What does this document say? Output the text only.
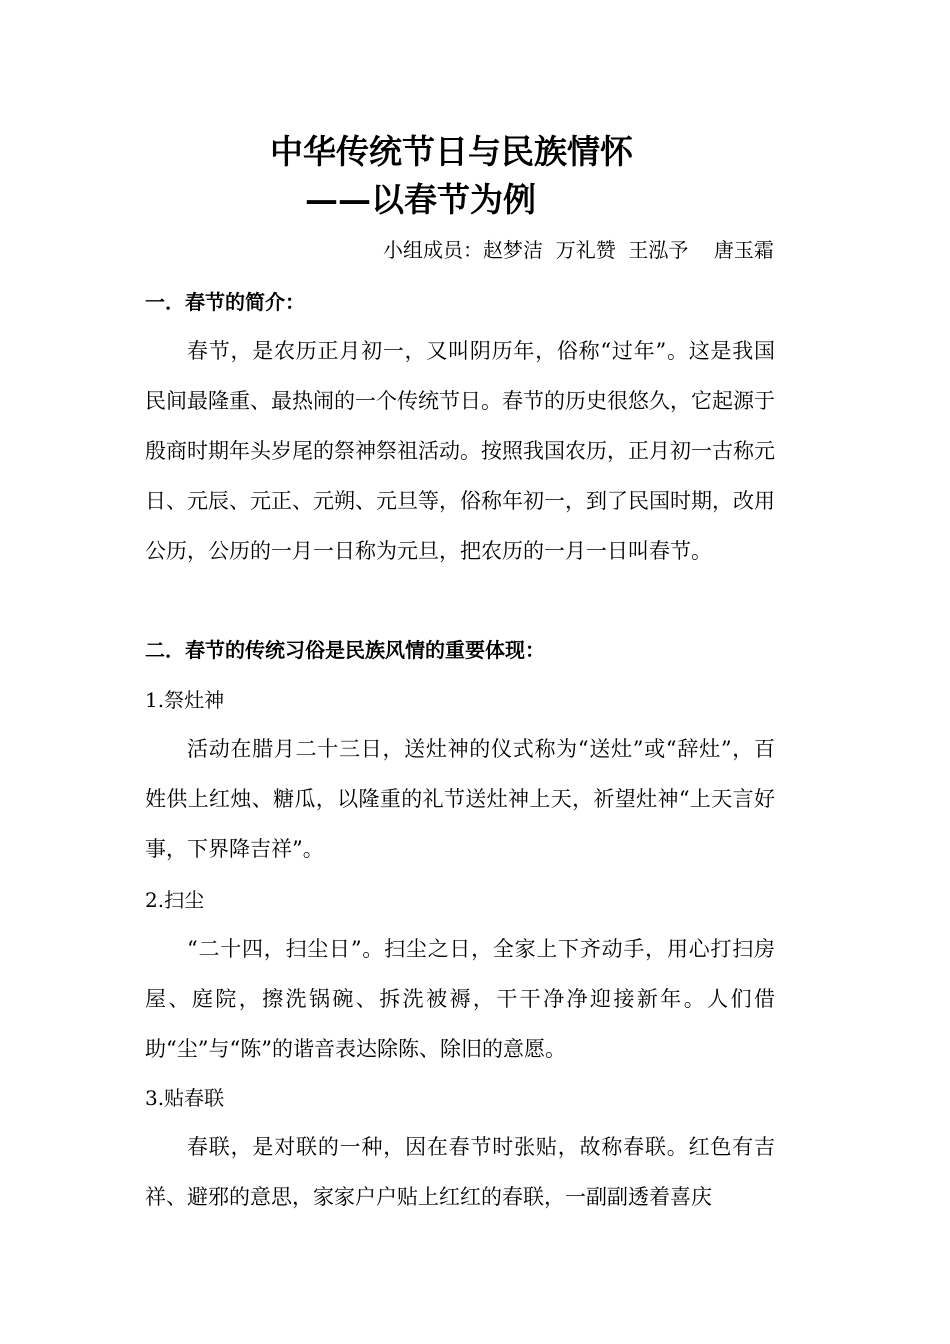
中华传统节日与民族情怀
——以春节为例
小组成员：赵梦洁  万礼赞  王泓予    唐玉霜
一．春节的简介：

春节，是农历正月初一，又叫阴历年，俗称“过年”。这是我国民间最隆重、最热闹的一个传统节日。春节的历史很悠久，它起源于殷商时期年头岁尾的祭神祭祖活动。按照我国农历，正月初一古称元日、元辰、元正、元朔、元旦等，俗称年初一，到了民国时期，改用公历，公历的一月一日称为元旦，把农历的一月一日叫春节。

二．春节的传统习俗是民族风情的重要体现：
1.祭灶神

活动在腊月二十三日，送灶神的仪式称为“送灶”或“辞灶”，百姓供上红烛、糖瓜，以隆重的礼节送灶神上天，祈望灶神“上天言好事，下界降吉祥”。

2.扫尘

“二十四，扫尘日”。扫尘之日，全家上下齐动手，用心打扫房屋、庭院，擦洗锅碗、拆洗被褥，干干净净迎接新年。人们借助“尘”与“陈”的谐音表达除陈、除旧的意愿。

3.贴春联

春联，是对联的一种，因在春节时张贴，故称春联。红色有吉祥、避邪的意思，家家户户贴上红红的春联，一副副透着喜庆
